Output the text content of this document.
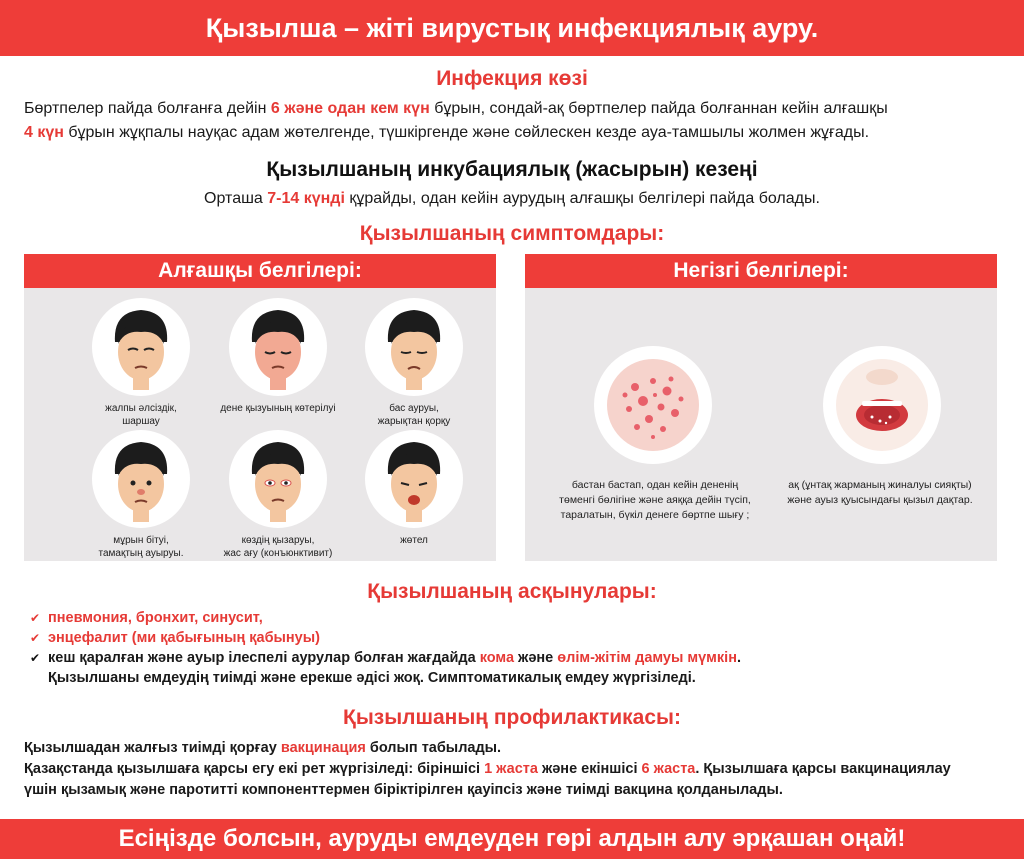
Қызылша – жіті вирустық инфекциялық ауру.
Инфекция көзі
Бөртпелер пайда болғанға дейін 6 және одан кем күн бұрын, сондай-ақ бөртпелер пайда болғаннан кейін алғашқы
4 күн бұрын жұқпалы науқас адам жөтелгенде, түшкіргенде және сөйлескен кезде ауа-тамшылы жолмен жұғады.
Қызылшаның инкубациялық (жасырын) кезеңі
Орташа 7-14 күнді құрайды, одан кейін аурудың алғашқы белгілері пайда болады.
Қызылшаның симптомдары:
Алғашқы белгілері:
жалпы әлсіздік,
шаршау
дене қызуының көтерілуі	бас ауруы,
жарықтан қорқу
мұрын бітуі,
тамақтың ауыруы.
көздің қызаруы,
жас ағу (конъюнктивит)
жөтел
Негізгі белгілері:
бастан бастап, одан кейін дененің
төменгі бөлігіне және аяққа дейін түсіп,
таралатын, бүкіл денеге бөртпе шығу ;
ақ (ұнтақ жарманың жиналуы сияқты)
және ауыз қуысындағы қызыл дақтар.
Қызылшаның асқынулары:
✔ пневмония, бронхит, синусит,
✔ энцефалит (ми қабығының қабынуы)
✔ кеш қаралған және ауыр ілеспелі аурулар болған жағдайда кома және өлім-жітім дамуы мүмкін.
Қызылшаны емдеудің тиімді және ерекше әдісі жоқ. Симптоматикалық емдеу жүргізіледі.
Қызылшаның профилактикасы:
Қызылшадан жалғыз тиімді қорғау вакцинация болып табылады.
Қазақстанда қызылшаға қарсы егу екі рет жүргізіледі: біріншісі 1 жаста және екіншісі 6 жаста. Қызылшаға қарсы вакцинациялау
үшін қызамық және паротитті компоненттермен біріктірілген қауіпсіз және тиімді вакцина қолданылады.
Есіңізде болсын, ауруды емдеуден гөрі алдын алу әрқашан оңай!
